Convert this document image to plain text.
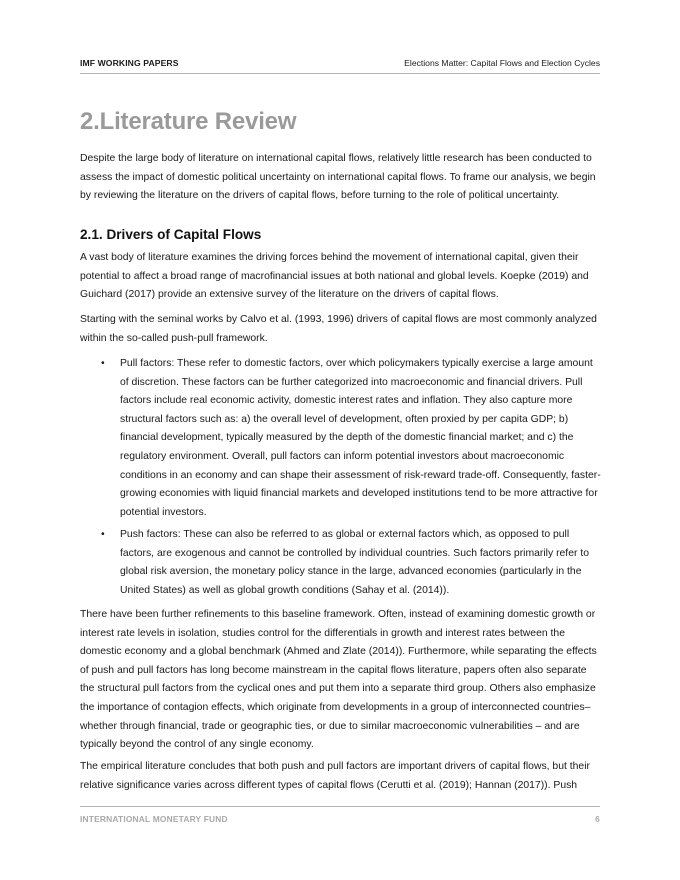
IMF WORKING PAPERS	Elections Matter: Capital Flows and Election Cycles
2.Literature Review

Despite the large body of literature on international capital flows, relatively little research has been conducted to assess the impact of domestic political uncertainty on international capital flows. To frame our analysis, we begin by reviewing the literature on the drivers of capital flows, before turning to the role of political uncertainty.

2.1. Drivers of Capital Flows

A vast body of literature examines the driving forces behind the movement of international capital, given their potential to affect a broad range of macrofinancial issues at both national and global levels. Koepke (2019) and Guichard (2017) provide an extensive survey of the literature on the drivers of capital flows.

Starting with the seminal works by Calvo et al. (1993, 1996) drivers of capital flows are most commonly analyzed within the so-called push-pull framework.

• Pull factors: These refer to domestic factors, over which policymakers typically exercise a large amount of discretion. These factors can be further categorized into macroeconomic and financial drivers. Pull factors include real economic activity, domestic interest rates and inflation. They also capture more structural factors such as: a) the overall level of development, often proxied by per capita GDP; b) financial development, typically measured by the depth of the domestic financial market; and c) the regulatory environment. Overall, pull factors can inform potential investors about macroeconomic conditions in an economy and can shape their assessment of risk-reward trade-off. Consequently, faster-growing economies with liquid financial markets and developed institutions tend to be more attractive for potential investors.

• Push factors: These can also be referred to as global or external factors which, as opposed to pull factors, are exogenous and cannot be controlled by individual countries. Such factors primarily refer to global risk aversion, the monetary policy stance in the large, advanced economies (particularly in the United States) as well as global growth conditions (Sahay et al. (2014)).

There have been further refinements to this baseline framework. Often, instead of examining domestic growth or interest rate levels in isolation, studies control for the differentials in growth and interest rates between the domestic economy and a global benchmark (Ahmed and Zlate (2014)). Furthermore, while separating the effects of push and pull factors has long become mainstream in the capital flows literature, papers often also separate the structural pull factors from the cyclical ones and put them into a separate third group. Others also emphasize the importance of contagion effects, which originate from developments in a group of interconnected countries– whether through financial, trade or geographic ties, or due to similar macroeconomic vulnerabilities – and are typically beyond the control of any single economy.

The empirical literature concludes that both push and pull factors are important drivers of capital flows, but their relative significance varies across different types of capital flows (Cerutti et al. (2019); Hannan (2017)). Push

INTERNATIONAL MONETARY FUND	6
